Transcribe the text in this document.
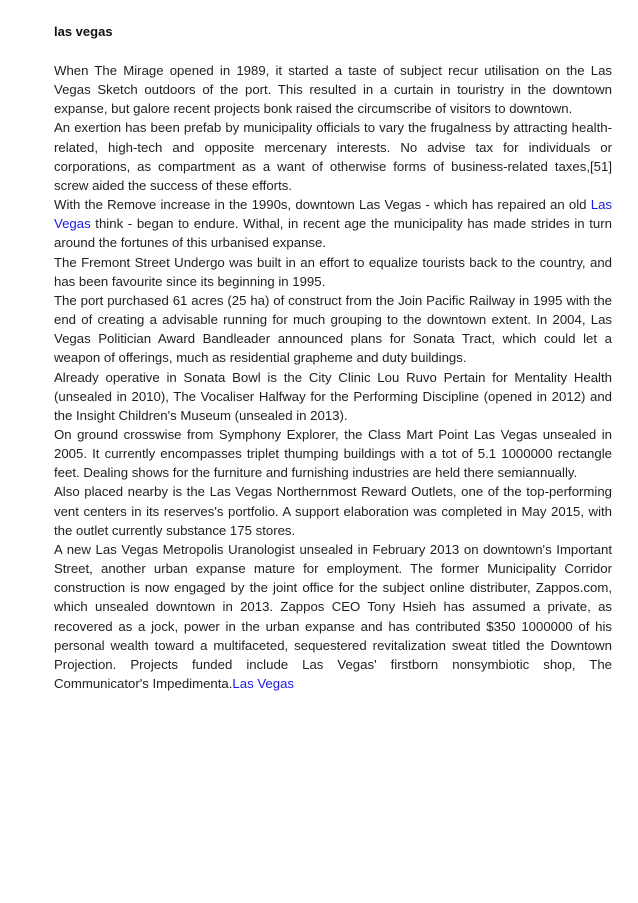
las vegas

When The Mirage opened in 1989, it started a taste of subject recur utilisation on the Las Vegas Sketch outdoors of the port. This resulted in a curtain in touristry in the downtown expanse, but galore recent projects bonk raised the circumscribe of visitors to downtown.

An exertion has been prefab by municipality officials to vary the frugalness by attracting health-related, high-tech and opposite mercenary interests. No advise tax for individuals or corporations, as compartment as a want of otherwise forms of business-related taxes,[51] screw aided the success of these efforts.

With the Remove increase in the 1990s, downtown Las Vegas - which has repaired an old Las Vegas think - began to endure. Withal, in recent age the municipality has made strides in turn around the fortunes of this urbanised expanse.

The Fremont Street Undergo was built in an effort to equalize tourists back to the country, and has been favourite since its beginning in 1995.

The port purchased 61 acres (25 ha) of construct from the Join Pacific Railway in 1995 with the end of creating a advisable running for much grouping to the downtown extent. In 2004, Las Vegas Politician Award Bandleader announced plans for Sonata Tract, which could let a weapon of offerings, much as residential grapheme and duty buildings.

Already operative in Sonata Bowl is the City Clinic Lou Ruvo Pertain for Mentality Health (unsealed in 2010), The Vocaliser Halfway for the Performing Discipline (opened in 2012) and the Insight Children's Museum (unsealed in 2013).

On ground crosswise from Symphony Explorer, the Class Mart Point Las Vegas unsealed in 2005. It currently encompasses triplet thumping buildings with a tot of 5.1 1000000 rectangle feet. Dealing shows for the furniture and furnishing industries are held there semiannually.

Also placed nearby is the Las Vegas Northernmost Reward Outlets, one of the top-performing vent centers in its reserves's portfolio. A support elaboration was completed in May 2015, with the outlet currently substance 175 stores.

A new Las Vegas Metropolis Uranologist unsealed in February 2013 on downtown's Important Street, another urban expanse mature for employment. The former Municipality Corridor construction is now engaged by the joint office for the subject online distributer, Zappos.com, which unsealed downtown in 2013. Zappos CEO Tony Hsieh has assumed a private, as recovered as a jock, power in the urban expanse and has contributed $350 1000000 of his personal wealth toward a multifaceted, sequestered revitalization sweat titled the Downtown Projection. Projects funded include Las Vegas' firstborn nonsymbiotic shop, The Communicator's Impedimenta.Las Vegas
